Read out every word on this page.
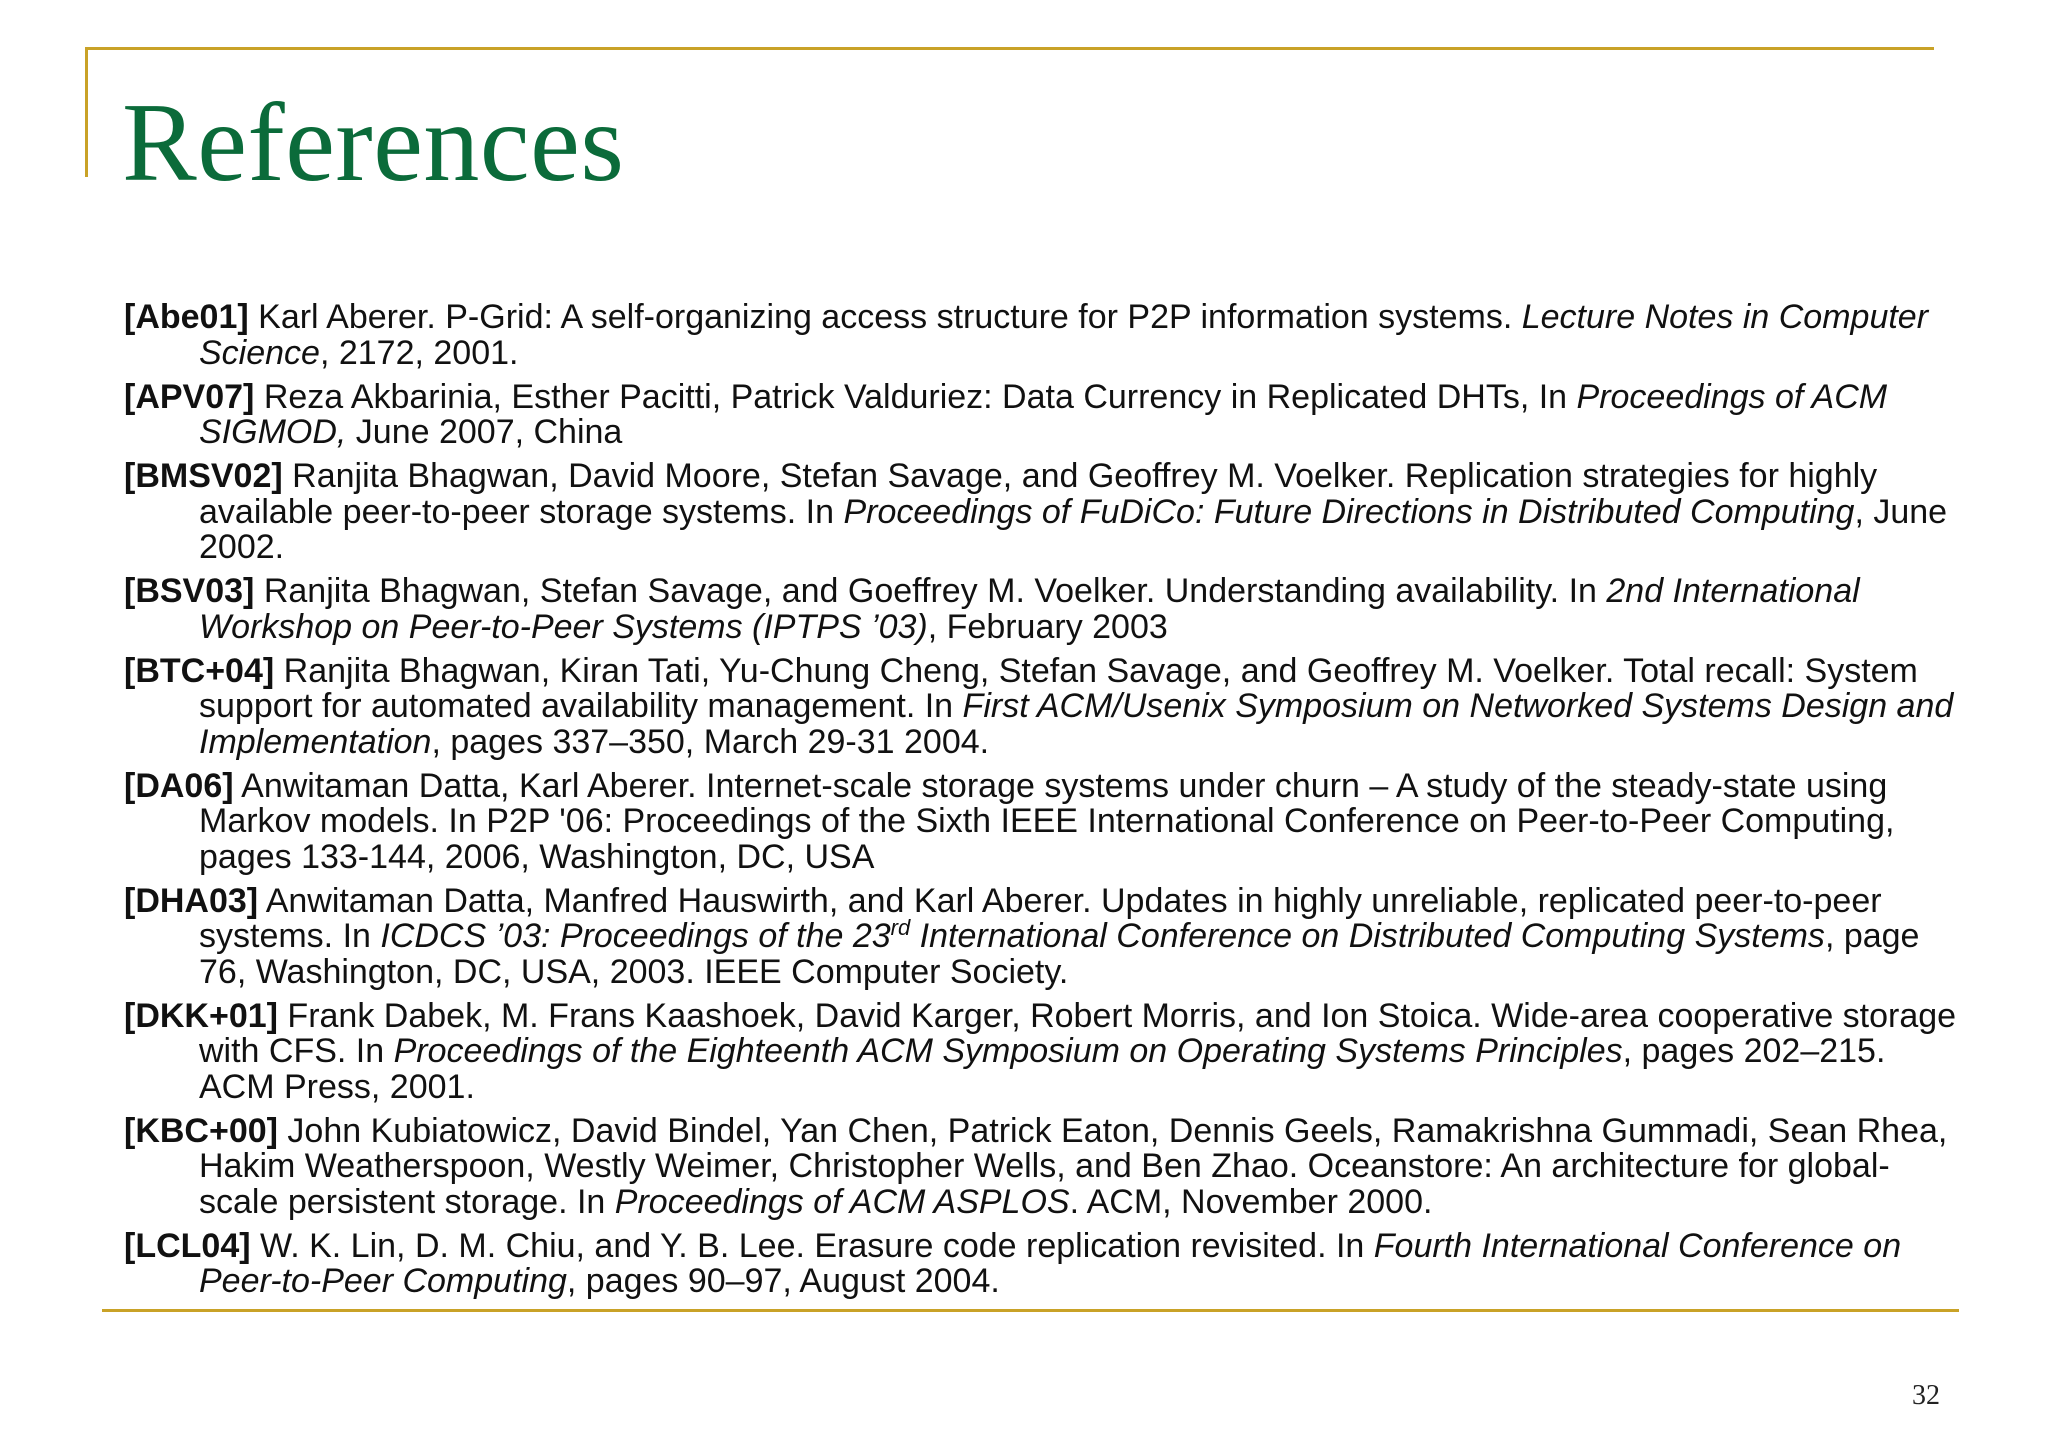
References

[Abe01] Karl Aberer. P-Grid: A self-organizing access structure for P2P information systems. Lecture Notes in Computer Science, 2172, 2001.

[APV07] Reza Akbarinia, Esther Pacitti, Patrick Valduriez: Data Currency in Replicated DHTs, In Proceedings of ACM SIGMOD, June 2007, China

[BMSV02] Ranjita Bhagwan, David Moore, Stefan Savage, and Geoffrey M. Voelker. Replication strategies for highly available peer-to-peer storage systems. In Proceedings of FuDiCo: Future Directions in Distributed Computing, June 2002.

[BSV03] Ranjita Bhagwan, Stefan Savage, and Goeffrey M. Voelker. Understanding availability. In 2nd International Workshop on Peer-to-Peer Systems (IPTPS ’03), February 2003

[BTC+04] Ranjita Bhagwan, Kiran Tati, Yu-Chung Cheng, Stefan Savage, and Geoffrey M. Voelker. Total recall: System support for automated availability management. In First ACM/Usenix Symposium on Networked Systems Design and Implementation, pages 337–350, March 29-31 2004.

[DA06] Anwitaman Datta, Karl Aberer. Internet-scale storage systems under churn – A study of the steady-state using Markov models. In P2P '06: Proceedings of the Sixth IEEE International Conference on Peer-to-Peer Computing, pages 133-144, 2006, Washington, DC, USA

[DHA03] Anwitaman Datta, Manfred Hauswirth, and Karl Aberer. Updates in highly unreliable, replicated peer-to-peer systems. In ICDCS ’03: Proceedings of the 23rd International Conference on Distributed Computing Systems, page 76, Washington, DC, USA, 2003. IEEE Computer Society.

[DKK+01] Frank Dabek, M. Frans Kaashoek, David Karger, Robert Morris, and Ion Stoica. Wide-area cooperative storage with CFS. In Proceedings of the Eighteenth ACM Symposium on Operating Systems Principles, pages 202–215. ACM Press, 2001.

[KBC+00] John Kubiatowicz, David Bindel, Yan Chen, Patrick Eaton, Dennis Geels, Ramakrishna Gummadi, Sean Rhea, Hakim Weatherspoon, Westly Weimer, Christopher Wells, and Ben Zhao. Oceanstore: An architecture for global-scale persistent storage. In Proceedings of ACM ASPLOS. ACM, November 2000.

[LCL04] W. K. Lin, D. M. Chiu, and Y. B. Lee. Erasure code replication revisited. In Fourth International Conference on Peer-to-Peer Computing, pages 90–97, August 2004.

32
